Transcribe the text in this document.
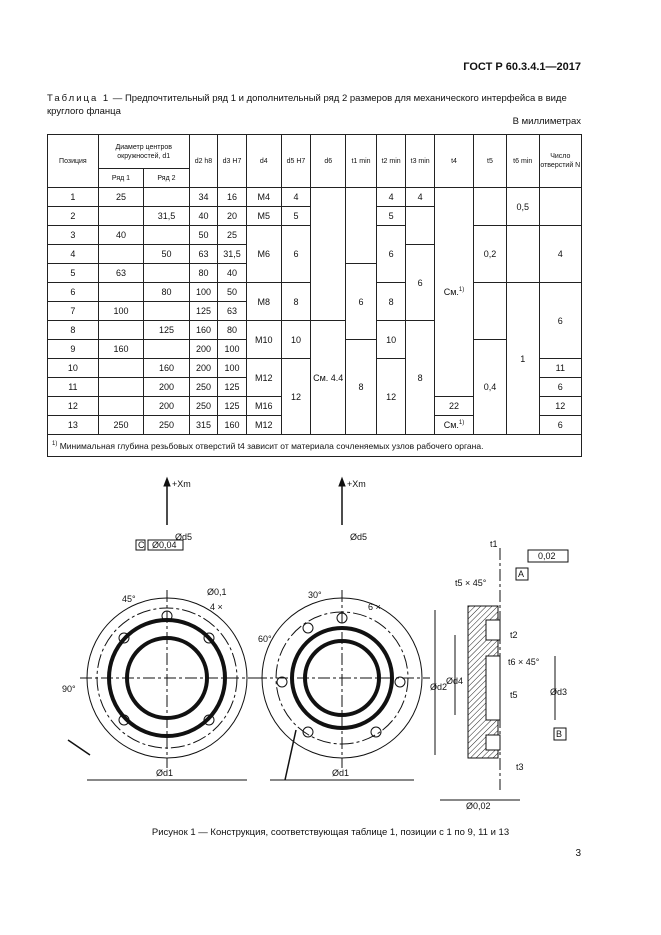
ГОСТ Р 60.3.4.1—2017
Таблица 1 — Предпочтительный ряд 1 и дополнительный ряд 2 размеров для механического интерфейса в виде круглого фланца
В миллиметрах
Позиция	Диаметр центров окружностей, d1		d2 h8	d3 H7	d4	d5 H7	d6	t1 min	t2 min	t3 min	t4	t5	t6 min	Число отверстий N
	Ряд 1	Ряд 2												
1	25		34	16	M4	4			4	4	См.$^{1)}$		0,5	
2		31,5	40	20	M5	5			5					
3	40		50	25	M6	6			6			0,2		4
4		50	63	31,5						6				
5	63		80	40				6						
6		80	100	50	M8	8			8				1	6
7	100		125	63										
8		125	160	80	M10	10	См. 4.4		10	8				
9	160		200	100				8				0,4		
10		160	200	100	M12	12			12					11
11		200	250	125										6
12		200	250	125	M16						22			12
13	250	250	315	160	M12						См.$^{1)}$			6
$^{1)}$ Минимальная глубина резьбовых отверстий t4 зависит от материала сочленяемых узлов рабочего органа.														
+Xm	+Xm
Ød5	Ød5
C Ø0,04
Ø0,1
4 ×	6 ×
45°
90°
30°
60°
Ød1	Ød1
t1
0,02
A
B
t5 × 45°
t6 × 45°
t2
t5
t3
Ød2
Ød4
Ød3
Ø0,02
Рисунок 1 — Конструкция, соответствующая таблице 1, позиции с 1 по 9, 11 и 13
3
